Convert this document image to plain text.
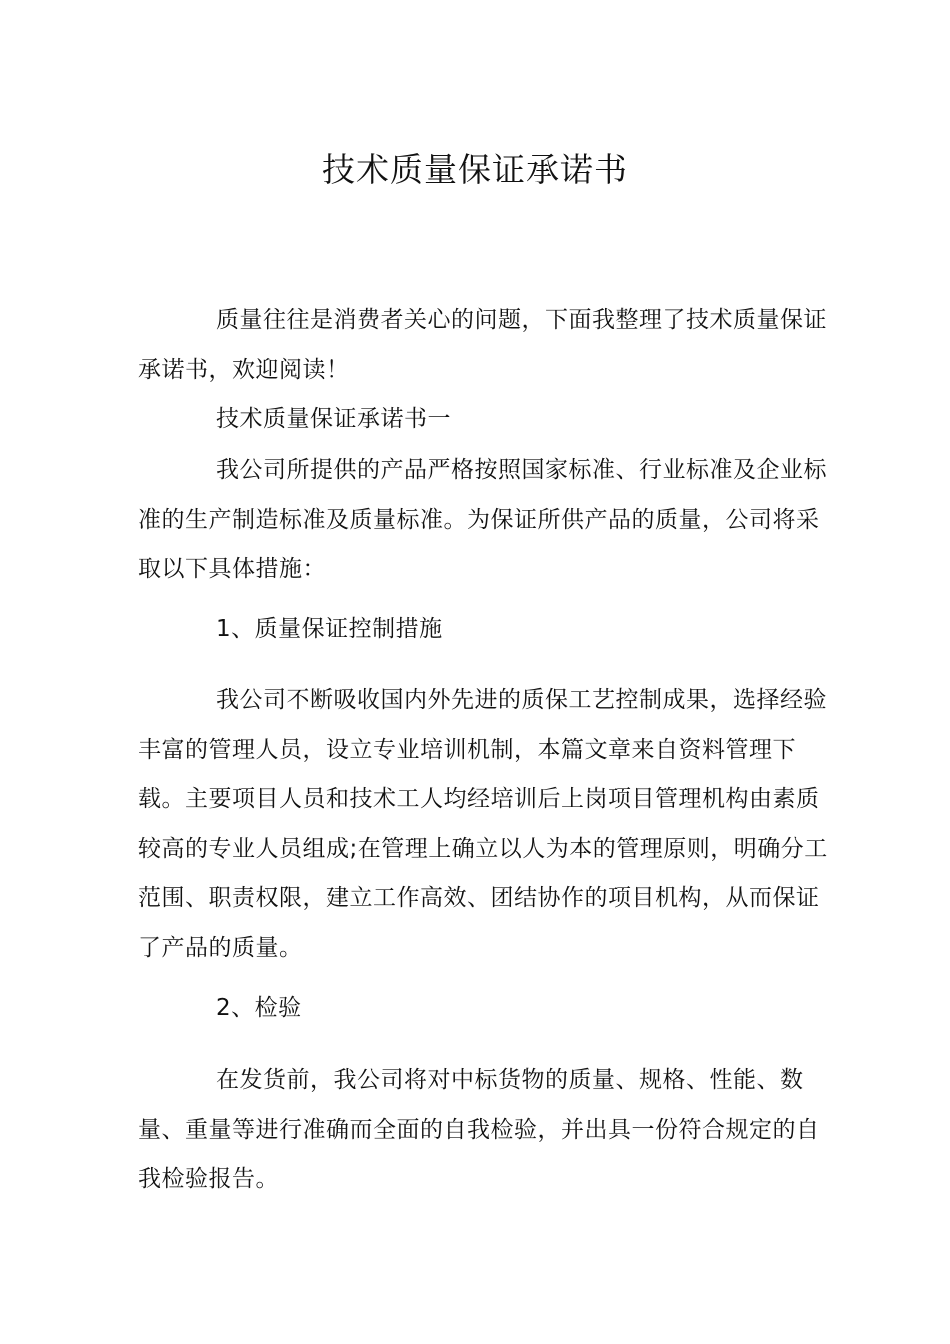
技术质量保证承诺书

质量往往是消费者关心的问题，下面我整理了技术质量保证承诺书，欢迎阅读！

技术质量保证承诺书一

我公司所提供的产品严格按照国家标准、行业标准及企业标准的生产制造标准及质量标准。为保证所供产品的质量，公司将采取以下具体措施：

1、质量保证控制措施

我公司不断吸收国内外先进的质保工艺控制成果，选择经验丰富的管理人员，设立专业培训机制，本篇文章来自资料管理下载。主要项目人员和技术工人均经培训后上岗项目管理机构由素质较高的专业人员组成;在管理上确立以人为本的管理原则，明确分工范围、职责权限，建立工作高效、团结协作的项目机构，从而保证了产品的质量。

2、检验

在发货前，我公司将对中标货物的质量、规格、性能、数量、重量等进行准确而全面的自我检验，并出具一份符合规定的自我检验报告。
